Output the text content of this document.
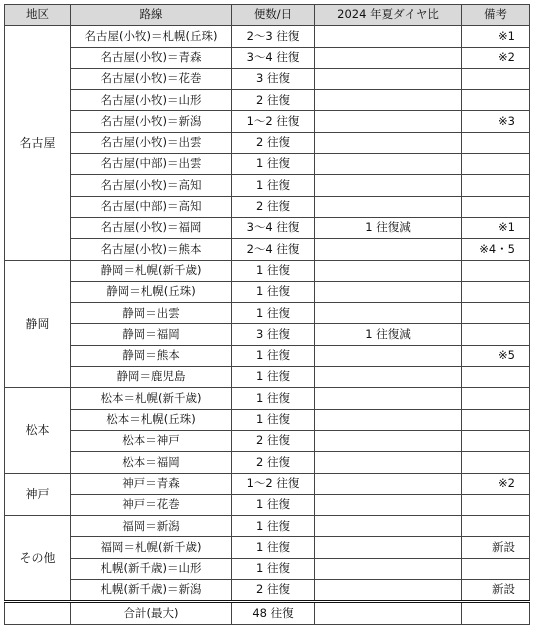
地区	路線	便数/日	2024 年夏ダイヤ比	備考
名古屋	名古屋(小牧)＝札幌(丘珠)	2～3 往復		※1
	名古屋(小牧)＝青森	3～4 往復		※2
	名古屋(小牧)＝花巻	3 往復		
	名古屋(小牧)＝山形	2 往復		
	名古屋(小牧)＝新潟	1～2 往復		※3
	名古屋(小牧)＝出雲	2 往復		
	名古屋(中部)＝出雲	1 往復		
	名古屋(小牧)＝高知	1 往復		
	名古屋(中部)＝高知	2 往復		
	名古屋(小牧)＝福岡	3～4 往復	1 往復減	※1
	名古屋(小牧)＝熊本	2～4 往復		※4・5
静岡	静岡＝札幌(新千歳)	1 往復		
	静岡＝札幌(丘珠)	1 往復		
	静岡＝出雲	1 往復		
	静岡＝福岡	3 往復	1 往復減	
	静岡＝熊本	1 往復		※5
	静岡＝鹿児島	1 往復		
松本	松本＝札幌(新千歳)	1 往復		
	松本＝札幌(丘珠)	1 往復		
	松本＝神戸	2 往復		
	松本＝福岡	2 往復		
神戸	神戸＝青森	1～2 往復		※2
	神戸＝花巻	1 往復		
その他	福岡＝新潟	1 往復		
	福岡＝札幌(新千歳)	1 往復		新設
	札幌(新千歳)＝山形	1 往復		
	札幌(新千歳)＝新潟	2 往復		新設
	合計(最大)	48 往復		
